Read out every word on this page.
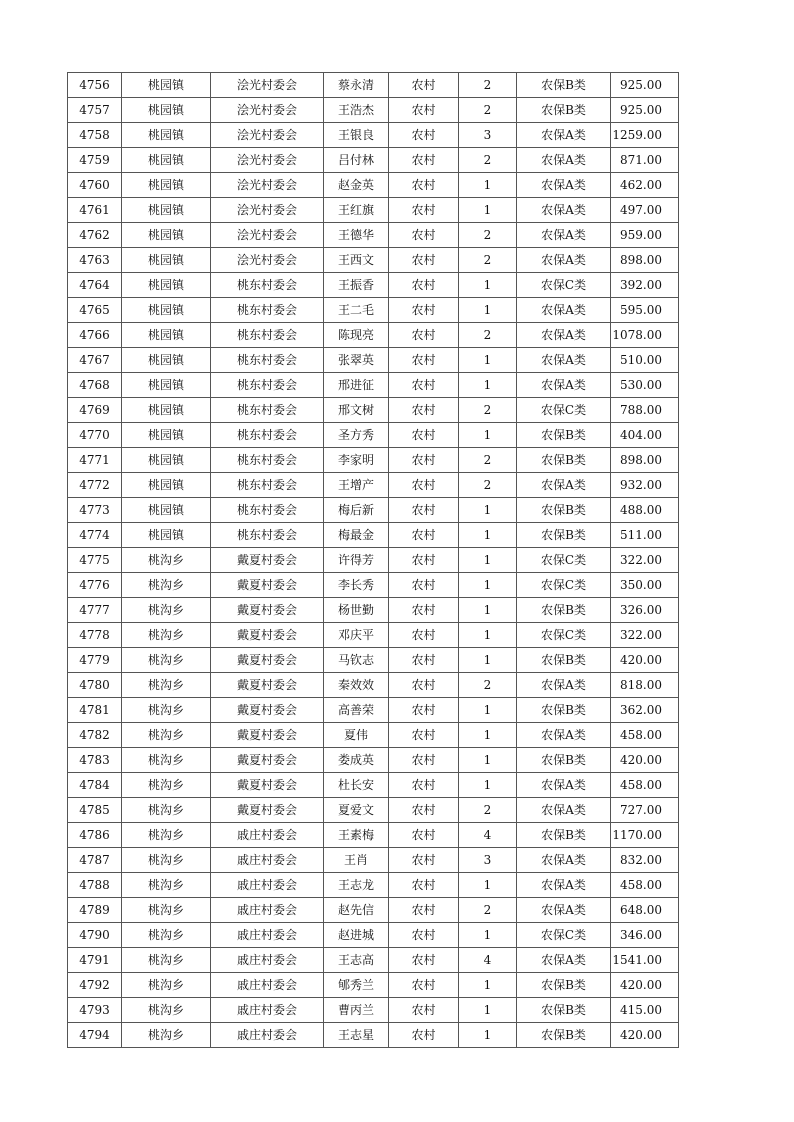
4756	桃园镇	浍光村委会	蔡永清	农村	2	农保B类	925.00
4757	桃园镇	浍光村委会	王浩杰	农村	2	农保B类	925.00
4758	桃园镇	浍光村委会	王银良	农村	3	农保A类	1259.00
4759	桃园镇	浍光村委会	吕付林	农村	2	农保A类	871.00
4760	桃园镇	浍光村委会	赵金英	农村	1	农保A类	462.00
4761	桃园镇	浍光村委会	王红旗	农村	1	农保A类	497.00
4762	桃园镇	浍光村委会	王德华	农村	2	农保A类	959.00
4763	桃园镇	浍光村委会	王西文	农村	2	农保A类	898.00
4764	桃园镇	桃东村委会	王振香	农村	1	农保C类	392.00
4765	桃园镇	桃东村委会	王二毛	农村	1	农保A类	595.00
4766	桃园镇	桃东村委会	陈现亮	农村	2	农保A类	1078.00
4767	桃园镇	桃东村委会	张翠英	农村	1	农保A类	510.00
4768	桃园镇	桃东村委会	邢进征	农村	1	农保A类	530.00
4769	桃园镇	桃东村委会	邢文树	农村	2	农保C类	788.00
4770	桃园镇	桃东村委会	圣方秀	农村	1	农保B类	404.00
4771	桃园镇	桃东村委会	李家明	农村	2	农保B类	898.00
4772	桃园镇	桃东村委会	王增产	农村	2	农保A类	932.00
4773	桃园镇	桃东村委会	梅后新	农村	1	农保B类	488.00
4774	桃园镇	桃东村委会	梅最金	农村	1	农保B类	511.00
4775	桃沟乡	戴夏村委会	许得芳	农村	1	农保C类	322.00
4776	桃沟乡	戴夏村委会	李长秀	农村	1	农保C类	350.00
4777	桃沟乡	戴夏村委会	杨世勤	农村	1	农保B类	326.00
4778	桃沟乡	戴夏村委会	邓庆平	农村	1	农保C类	322.00
4779	桃沟乡	戴夏村委会	马钦志	农村	1	农保B类	420.00
4780	桃沟乡	戴夏村委会	秦效效	农村	2	农保A类	818.00
4781	桃沟乡	戴夏村委会	高善荣	农村	1	农保B类	362.00
4782	桃沟乡	戴夏村委会	夏伟	农村	1	农保A类	458.00
4783	桃沟乡	戴夏村委会	娄成英	农村	1	农保B类	420.00
4784	桃沟乡	戴夏村委会	杜长安	农村	1	农保A类	458.00
4785	桃沟乡	戴夏村委会	夏爱文	农村	2	农保A类	727.00
4786	桃沟乡	戚庄村委会	王素梅	农村	4	农保B类	1170.00
4787	桃沟乡	戚庄村委会	王肖	农村	3	农保A类	832.00
4788	桃沟乡	戚庄村委会	王志龙	农村	1	农保A类	458.00
4789	桃沟乡	戚庄村委会	赵先信	农村	2	农保A类	648.00
4790	桃沟乡	戚庄村委会	赵进城	农村	1	农保C类	346.00
4791	桃沟乡	戚庄村委会	王志高	农村	4	农保A类	1541.00
4792	桃沟乡	戚庄村委会	郇秀兰	农村	1	农保B类	420.00
4793	桃沟乡	戚庄村委会	曹丙兰	农村	1	农保B类	415.00
4794	桃沟乡	戚庄村委会	王志星	农村	1	农保B类	420.00
